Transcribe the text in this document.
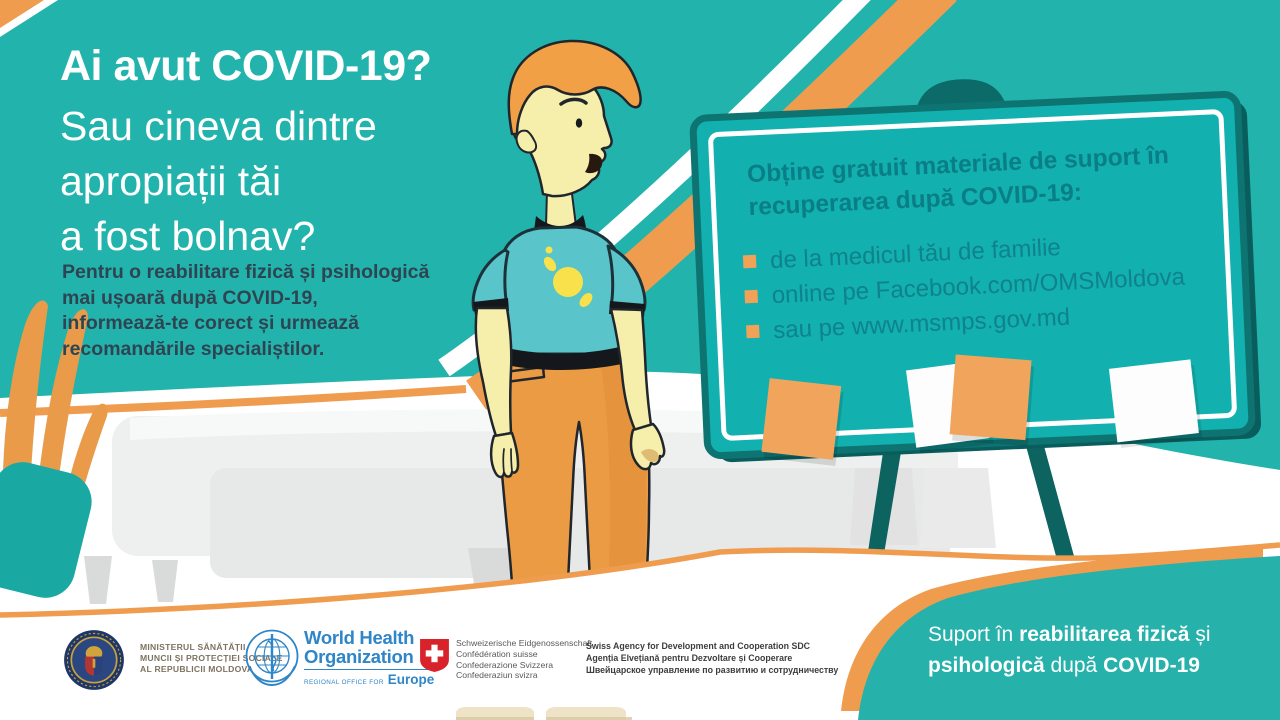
Ai avut COVID-19?
Sau cineva dintre
apropiații tăi
a fost bolnav?
Pentru o reabilitare fizică și psihologică
mai ușoară după COVID-19,
informează-te corect și urmează
recomandările specialiștilor.
Obține gratuit materiale de suport în
recuperarea după COVID-19:
de la medicul tău de familie
online pe Facebook.com/OMSMoldova
sau pe www.msmps.gov.md
Suport în reabilitarea fizică și
psihologică după COVID-19
MINISTERUL SĂNĂTĂȚII,
MUNCII ȘI PROTECȚIEI SOCIALE
AL REPUBLICII MOLDOVA
World Health
Organization
REGIONAL OFFICE FOR Europe
Schweizerische Eidgenossenschaft
Confédération suisse
Confederazione Svizzera
Confederaziun svizra
Swiss Agency for Development and Cooperation SDC
Agenția Elvețiană pentru Dezvoltare și Cooperare
Швейцарское управление по развитию и сотрудничеству
